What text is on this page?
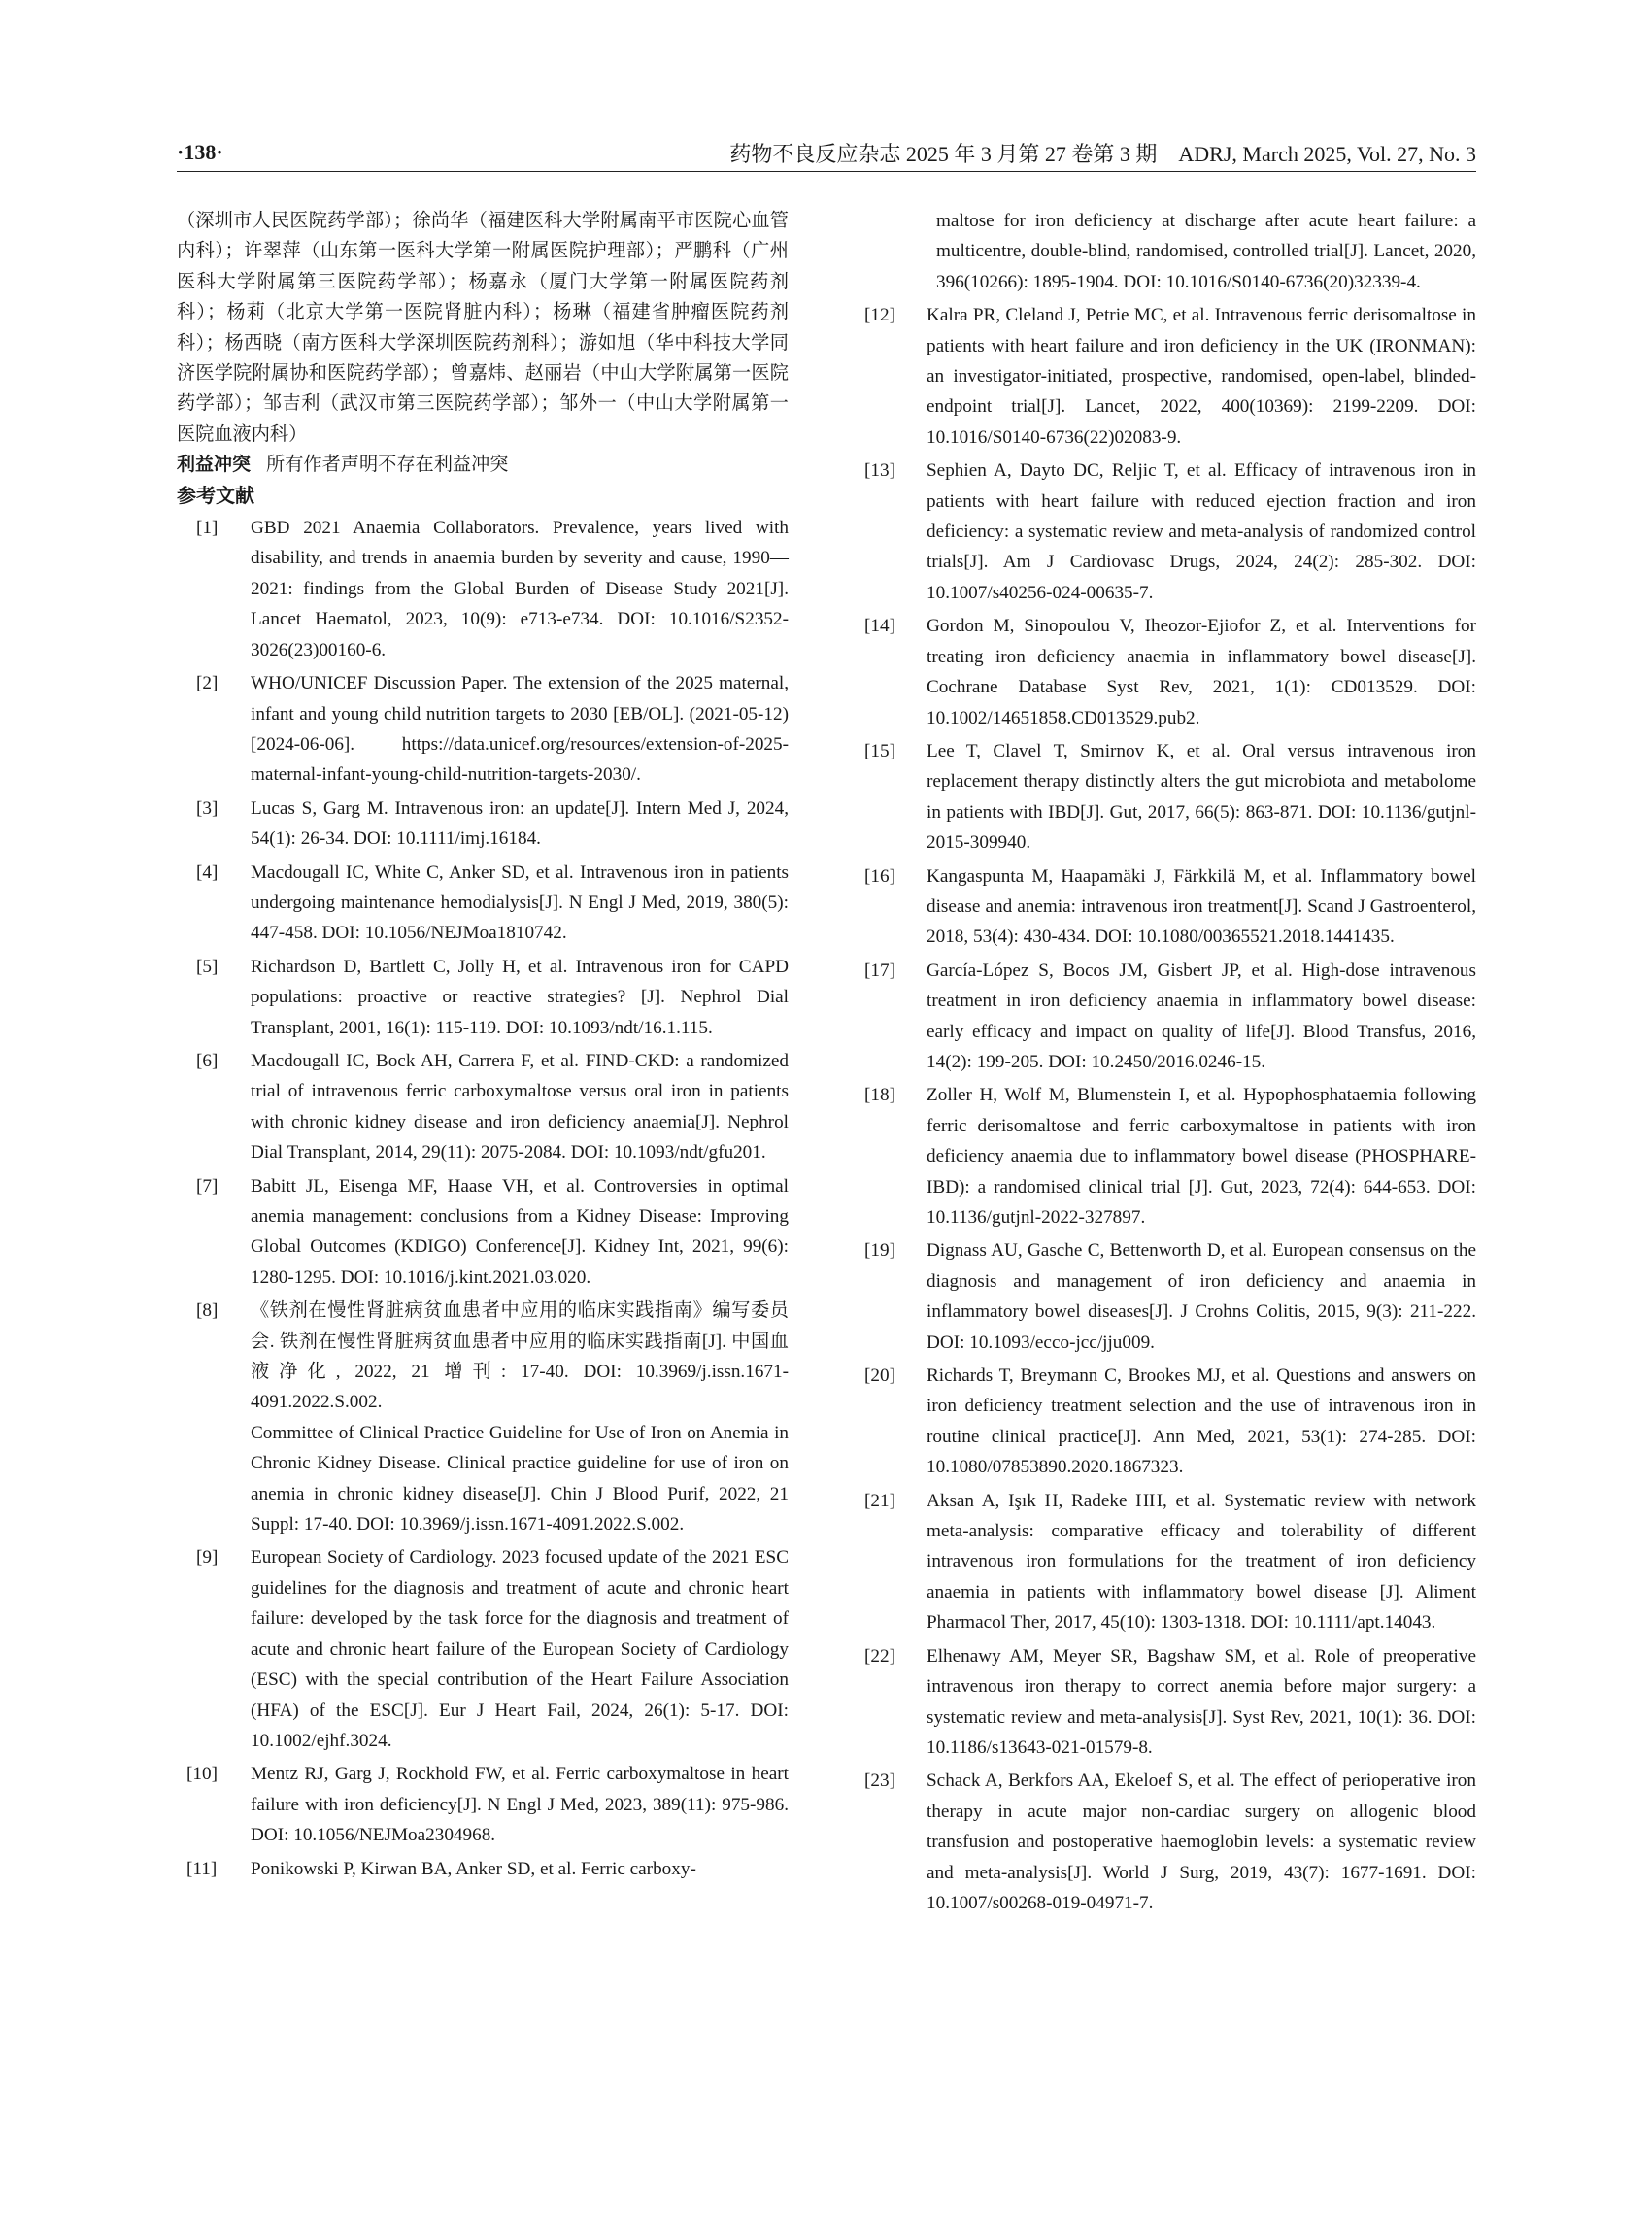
·138·	药物不良反应杂志 2025 年 3 月第 27 卷第 3 期　ADRJ, March 2025, Vol. 27, No. 3

（深圳市人民医院药学部）；徐尚华（福建医科大学附属南平市医院心血管内科）；许翠萍（山东第一医科大学第一附属医院护理部）；严鹏科（广州医科大学附属第三医院药学部）；杨嘉永（厦门大学第一附属医院药剂科）；杨莉（北京大学第一医院肾脏内科）；杨琳（福建省肿瘤医院药剂科）；杨西晓（南方医科大学深圳医院药剂科）；游如旭（华中科技大学同济医学院附属协和医院药学部）；曾嘉炜、赵丽岩（中山大学附属第一医院药学部）；邹吉利（武汉市第三医院药学部）；邹外一（中山大学附属第一医院血液内科）

利益冲突 所有作者声明不存在利益冲突

参考文献

[1] GBD 2021 Anaemia Collaborators. Prevalence, years lived with disability, and trends in anaemia burden by severity and cause, 1990—2021: findings from the Global Burden of Disease Study 2021[J]. Lancet Haematol, 2023, 10(9): e713-e734. DOI: 10.1016/S2352-3026(23)00160-6.
[2] WHO/UNICEF Discussion Paper. The extension of the 2025 maternal, infant and young child nutrition targets to 2030 [EB/OL]. (2021-05-12) [2024-06-06]. https://data.unicef.org/resources/extension-of-2025-maternal-infant-young-child-nutrition-targets-2030/.
[3] Lucas S, Garg M. Intravenous iron: an update[J]. Intern Med J, 2024, 54(1): 26-34. DOI: 10.1111/imj.16184.
[4] Macdougall IC, White C, Anker SD, et al. Intravenous iron in patients undergoing maintenance hemodialysis[J]. N Engl J Med, 2019, 380(5): 447-458. DOI: 10.1056/NEJMoa1810742.
[5] Richardson D, Bartlett C, Jolly H, et al. Intravenous iron for CAPD populations: proactive or reactive strategies? [J]. Nephrol Dial Transplant, 2001, 16(1): 115-119. DOI: 10.1093/ndt/16.1.115.
[6] Macdougall IC, Bock AH, Carrera F, et al. FIND-CKD: a randomized trial of intravenous ferric carboxymaltose versus oral iron in patients with chronic kidney disease and iron deficiency anaemia[J]. Nephrol Dial Transplant, 2014, 29(11): 2075-2084. DOI: 10.1093/ndt/gfu201.
[7] Babitt JL, Eisenga MF, Haase VH, et al. Controversies in optimal anemia management: conclusions from a Kidney Disease: Improving Global Outcomes (KDIGO) Conference[J]. Kidney Int, 2021, 99(6): 1280-1295. DOI: 10.1016/j.kint.2021.03.020.
[8] 《铁剂在慢性肾脏病贫血患者中应用的临床实践指南》编写委员会. 铁剂在慢性肾脏病贫血患者中应用的临床实践指南[J]. 中国血液净化, 2022, 21 增刊: 17-40. DOI: 10.3969/j.issn.1671-4091.2022.S.002.
Committee of Clinical Practice Guideline for Use of Iron on Anemia in Chronic Kidney Disease. Clinical practice guideline for use of iron on anemia in chronic kidney disease[J]. Chin J Blood Purif, 2022, 21 Suppl: 17-40. DOI: 10.3969/j.issn.1671-4091.2022.S.002.
[9] European Society of Cardiology. 2023 focused update of the 2021 ESC guidelines for the diagnosis and treatment of acute and chronic heart failure: developed by the task force for the diagnosis and treatment of acute and chronic heart failure of the European Society of Cardiology (ESC) with the special contribution of the Heart Failure Association (HFA) of the ESC[J]. Eur J Heart Fail, 2024, 26(1): 5-17. DOI: 10.1002/ejhf.3024.
[10] Mentz RJ, Garg J, Rockhold FW, et al. Ferric carboxymaltose in heart failure with iron deficiency[J]. N Engl J Med, 2023, 389(11): 975-986. DOI: 10.1056/NEJMoa2304968.
[11] Ponikowski P, Kirwan BA, Anker SD, et al. Ferric carboxy-

maltose for iron deficiency at discharge after acute heart failure: a multicentre, double-blind, randomised, controlled trial[J]. Lancet, 2020, 396(10266): 1895-1904. DOI: 10.1016/S0140-6736(20)32339-4.

[12] Kalra PR, Cleland J, Petrie MC, et al. Intravenous ferric derisomaltose in patients with heart failure and iron deficiency in the UK (IRONMAN): an investigator-initiated, prospective, randomised, open-label, blinded-endpoint trial[J]. Lancet, 2022, 400(10369): 2199-2209. DOI: 10.1016/S0140-6736(22)02083-9.
[13] Sephien A, Dayto DC, Reljic T, et al. Efficacy of intravenous iron in patients with heart failure with reduced ejection fraction and iron deficiency: a systematic review and meta-analysis of randomized control trials[J]. Am J Cardiovasc Drugs, 2024, 24(2): 285-302. DOI: 10.1007/s40256-024-00635-7.
[14] Gordon M, Sinopoulou V, Iheozor-Ejiofor Z, et al. Interventions for treating iron deficiency anaemia in inflammatory bowel disease[J]. Cochrane Database Syst Rev, 2021, 1(1): CD013529. DOI: 10.1002/14651858.CD013529.pub2.
[15] Lee T, Clavel T, Smirnov K, et al. Oral versus intravenous iron replacement therapy distinctly alters the gut microbiota and metabolome in patients with IBD[J]. Gut, 2017, 66(5): 863-871. DOI: 10.1136/gutjnl-2015-309940.
[16] Kangaspunta M, Haapamäki J, Färkkilä M, et al. Inflammatory bowel disease and anemia: intravenous iron treatment[J]. Scand J Gastroenterol, 2018, 53(4): 430-434. DOI: 10.1080/00365521.2018.1441435.
[17] García-López S, Bocos JM, Gisbert JP, et al. High-dose intravenous treatment in iron deficiency anaemia in inflammatory bowel disease: early efficacy and impact on quality of life[J]. Blood Transfus, 2016, 14(2): 199-205. DOI: 10.2450/2016.0246-15.
[18] Zoller H, Wolf M, Blumenstein I, et al. Hypophosphataemia following ferric derisomaltose and ferric carboxymaltose in patients with iron deficiency anaemia due to inflammatory bowel disease (PHOSPHARE-IBD): a randomised clinical trial [J]. Gut, 2023, 72(4): 644-653. DOI: 10.1136/gutjnl-2022-327897.
[19] Dignass AU, Gasche C, Bettenworth D, et al. European consensus on the diagnosis and management of iron deficiency and anaemia in inflammatory bowel diseases[J]. J Crohns Colitis, 2015, 9(3): 211-222. DOI: 10.1093/ecco-jcc/jju009.
[20] Richards T, Breymann C, Brookes MJ, et al. Questions and answers on iron deficiency treatment selection and the use of intravenous iron in routine clinical practice[J]. Ann Med, 2021, 53(1): 274-285. DOI: 10.1080/07853890.2020.1867323.
[21] Aksan A, Işık H, Radeke HH, et al. Systematic review with network meta-analysis: comparative efficacy and tolerability of different intravenous iron formulations for the treatment of iron deficiency anaemia in patients with inflammatory bowel disease [J]. Aliment Pharmacol Ther, 2017, 45(10): 1303-1318. DOI: 10.1111/apt.14043.
[22] Elhenawy AM, Meyer SR, Bagshaw SM, et al. Role of preoperative intravenous iron therapy to correct anemia before major surgery: a systematic review and meta-analysis[J]. Syst Rev, 2021, 10(1): 36. DOI: 10.1186/s13643-021-01579-8.
[23] Schack A, Berkfors AA, Ekeloef S, et al. The effect of perioperative iron therapy in acute major non-cardiac surgery on allogenic blood transfusion and postoperative haemoglobin levels: a systematic review and meta-analysis[J]. World J Surg, 2019, 43(7): 1677-1691. DOI: 10.1007/s00268-019-04971-7.
